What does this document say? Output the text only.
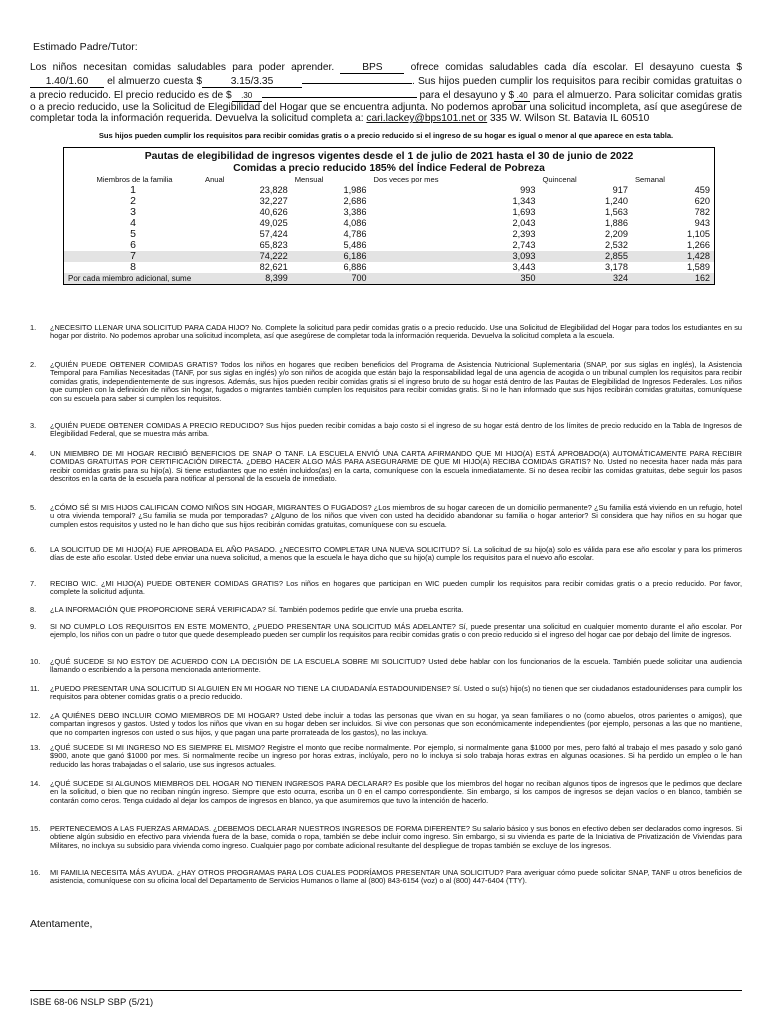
Estimado Padre/Tutor:
Los niños necesitan comidas saludables para poder aprender.	BPS	ofrece comidas saludables cada día escolar. El desayuno cuesta $1.40/1.60 el almuerzo cuesta $	3.15/3.35	. Sus hijos pueden cumplir los requisitos para recibir comidas gratuitas o a precio reducido. El precio reducido es de $ .30	para el desayuno y $ .40 para el almuerzo. Para solicitar comidas gratis o a precio reducido, use la Solicitud de Elegibilidad del Hogar que se encuentra adjunta. No podemos aprobar una solicitud incompleta, así que asegúrese de completar toda la información requerida. Devuelva la solicitud completa a: cari.lackey@bps101.net or 335 W. Wilson St. Batavia IL 60510
Sus hijos pueden cumplir los requisitos para recibir comidas gratis o a precio reducido si el ingreso de su hogar es igual o menor al que aparece en esta tabla.
Pautas de elegibilidad de ingresos vigentes desde el 1 de julio de 2021 hasta el 30 de junio de 2022
Comidas a precio reducido 185% del Índice Federal de Pobreza
Miembros de la familia	Anual	Mensual	Dos veces por mes	Quincenal	Semanal
1	23,828	1,986	993	917	459
2	32,227	2,686	1,343	1,240	620
3	40,626	3,386	1,693	1,563	782
4	49,025	4,086	2,043	1,886	943
5	57,424	4,786	2,393	2,209	1,105
6	65,823	5,486	2,743	2,532	1,266
7	74,222	6,186	3,093	2,855	1,428
8	82,621	6,886	3,443	3,178	1,589
Por cada miembro adicional, sume	8,399	700	350	324	162
1.	¿NECESITO LLENAR UNA SOLICITUD PARA CADA HIJO? No. Complete la solicitud para pedir comidas gratis o a precio reducido. Use una Solicitud de Elegibilidad del Hogar para todos los estudiantes en su hogar por distrito. No podemos aprobar una solicitud incompleta, así que asegúrese de completar toda la información requerida. Devuelva la solicitud completa a la escuela.
2.	¿QUIÉN PUEDE OBTENER COMIDAS GRATIS? Todos los niños en hogares que reciben beneficios del Programa de Asistencia Nutricional Suplementaria (SNAP, por sus siglas en inglés), la Asistencia Temporal para Familias Necesitadas (TANF, por sus siglas en inglés) y/o son niños de acogida que están bajo la responsabilidad legal de una agencia de acogida o un tribunal cumplen los requisitos para recibir comidas gratis, independientemente de sus ingresos. Además, sus hijos pueden recibir comidas gratis si el ingreso bruto de su hogar está dentro de las Pautas de Elegibilidad de Ingresos Federales. Los niños que cumplen con la definición de niños sin hogar, fugados o migrantes también cumplen los requisitos para recibir comidas gratis. Si no le han informado que sus hijos recibirán comidas gratuitas, comuníquese con su escuela para saber si cumplen los requisitos.
3.	¿QUIÉN PUEDE OBTENER COMIDAS A PRECIO REDUCIDO? Sus hijos pueden recibir comidas a bajo costo si el ingreso de su hogar está dentro de los límites de precio reducido en la Tabla de Ingresos de Elegibilidad Federal, que se muestra más arriba.
4.	UN MIEMBRO DE MI HOGAR RECIBIÓ BENEFICIOS DE SNAP O TANF. LA ESCUELA ENVIÓ UNA CARTA AFIRMANDO QUE MI HIJO(A) ESTÁ APROBADO(A) AUTOMÁTICAMENTE PARA RECIBIR COMIDAS GRATUITAS POR CERTIFICACIÓN DIRECTA. ¿DEBO HACER ALGO MÁS PARA ASEGURARME DE QUE MI HIJO(A) RECIBA COMIDAS GRATIS? No. Usted no necesita hacer nada más para recibir comidas gratis para su hijo(a). Si tiene estudiantes que no estén incluidos(as) en la carta, comuníquese con la escuela inmediatamente. Si no desea recibir las comidas gratuitas, debe seguir los pasos descritos en la carta de la escuela para notificar al personal de la escuela de inmediato.
5.	¿CÓMO SÉ SI MIS HIJOS CALIFICAN COMO NIÑOS SIN HOGAR, MIGRANTES O FUGADOS? ¿Los miembros de su hogar carecen de un domicilio permanente? ¿Su familia está viviendo en un refugio, hotel u otra vivienda temporal? ¿Su familia se muda por temporadas? ¿Alguno de los niños que viven con usted ha decidido abandonar su familia o hogar anterior? Si considera que hay niños en su hogar que cumplen estos requisitos y usted no le han dicho que sus hijos recibirán comidas gratuitas, comuníquese con su escuela.
6.	LA SOLICITUD DE MI HIJO(A) FUE APROBADA EL AÑO PASADO. ¿NECESITO COMPLETAR UNA NUEVA SOLICITUD? Sí. La solicitud de su hijo(a) solo es válida para ese año escolar y para los primeros días de este año escolar. Usted debe enviar una nueva solicitud, a menos que la escuela le haya dicho que su hijo(a) cumple los requisitos para el nuevo año escolar.
7.	RECIBO WIC. ¿MI HIJO(A) PUEDE OBTENER COMIDAS GRATIS? Los niños en hogares que participan en WIC pueden cumplir los requisitos para recibir comidas gratis o a precio reducido. Por favor, complete la solicitud adjunta.
8.	¿LA INFORMACIÓN QUE PROPORCIONE SERÁ VERIFICADA? Sí. También podemos pedirle que envíe una prueba escrita.
9.	SI NO CUMPLO LOS REQUISITOS EN ESTE MOMENTO, ¿PUEDO PRESENTAR UNA SOLICITUD MÁS ADELANTE? Sí, puede presentar una solicitud en cualquier momento durante el año escolar. Por ejemplo, los niños con un padre o tutor que quede desempleado pueden ser cumplir los requisitos para recibir comidas gratis o con precio reducido si el ingreso del hogar cae por debajo del límite de ingresos.
10.	¿QUÉ SUCEDE SI NO ESTOY DE ACUERDO CON LA DECISIÓN DE LA ESCUELA SOBRE MI SOLICITUD? Usted debe hablar con los funcionarios de la escuela. También puede solicitar una audiencia llamando o escribiendo a la persona mencionada anteriormente.
11.	¿PUEDO PRESENTAR UNA SOLICITUD SI ALGUIEN EN MI HOGAR NO TIENE LA CIUDADANÍA ESTADOUNIDENSE? Sí. Usted o su(s) hijo(s) no tienen que ser ciudadanos estadounidenses para cumplir los requisitos para obtener comidas gratis o a precio reducido.
12.	¿A QUIÉNES DEBO INCLUIR COMO MIEMBROS DE MI HOGAR? Usted debe incluir a todas las personas que vivan en su hogar, ya sean familiares o no (como abuelos, otros parientes o amigos), que compartan ingresos y gastos. Usted y todos los niños que vivan en su hogar deben ser incluidos. Si vive con personas que son económicamente independientes (por ejemplo, personas a las que no mantiene, que no comparten ingresos con usted o sus hijos, y que pagan una parte prorrateada de los gastos), no las incluya.
13.	¿QUÉ SUCEDE SI MI INGRESO NO ES SIEMPRE EL MISMO? Registre el monto que recibe normalmente. Por ejemplo, si normalmente gana $1000 por mes, pero faltó al trabajo el mes pasado y solo ganó $900, anote que ganó $1000 por mes. Si normalmente recibe un ingreso por horas extras, inclúyalo, pero no lo incluya si solo trabaja horas extras en algunas ocasiones. Si ha perdido un empleo o le han reducido las horas trabajadas o el salario, use sus ingresos actuales.
14.	¿QUÉ SUCEDE SI ALGUNOS MIEMBROS DEL HOGAR NO TIENEN INGRESOS PARA DECLARAR? Es posible que los miembros del hogar no reciban algunos tipos de ingresos que le pedimos que declare en la solicitud, o bien que no reciban ningún ingreso. Siempre que esto ocurra, escriba un 0 en el campo correspondiente. Sin embargo, si los campos de ingresos se dejan vacíos o en blanco, también se contarán como ceros. Tenga cuidado al dejar los campos de ingresos en blanco, ya que asumiremos que tuvo la intención de hacerlo.
15.	PERTENECEMOS A LAS FUERZAS ARMADAS. ¿DEBEMOS DECLARAR NUESTROS INGRESOS DE FORMA DIFERENTE? Su salario básico y sus bonos en efectivo deben ser declarados como ingresos. Si obtiene algún subsidio en efectivo para vivienda fuera de la base, comida o ropa, también se debe incluir como ingreso. Sin embargo, si su vivienda es parte de la Iniciativa de Privatización de Viviendas para Militares, no incluya su subsidio para vivienda como ingreso. Cualquier pago por combate adicional resultante del despliegue de tropas también se excluye de los ingresos.
16.	MI FAMILIA NECESITA MÁS AYUDA. ¿HAY OTROS PROGRAMAS PARA LOS CUALES PODRÍAMOS PRESENTAR UNA SOLICITUD? Para averiguar cómo puede solicitar SNAP, TANF u otros beneficios de asistencia, comuníquese con su oficina local del Departamento de Servicios Humanos o llame al (800) 843-6154 (voz) o al (800) 447-6404 (TTY).
Atentamente,
ISBE 68-06 NSLP SBP (5/21)
